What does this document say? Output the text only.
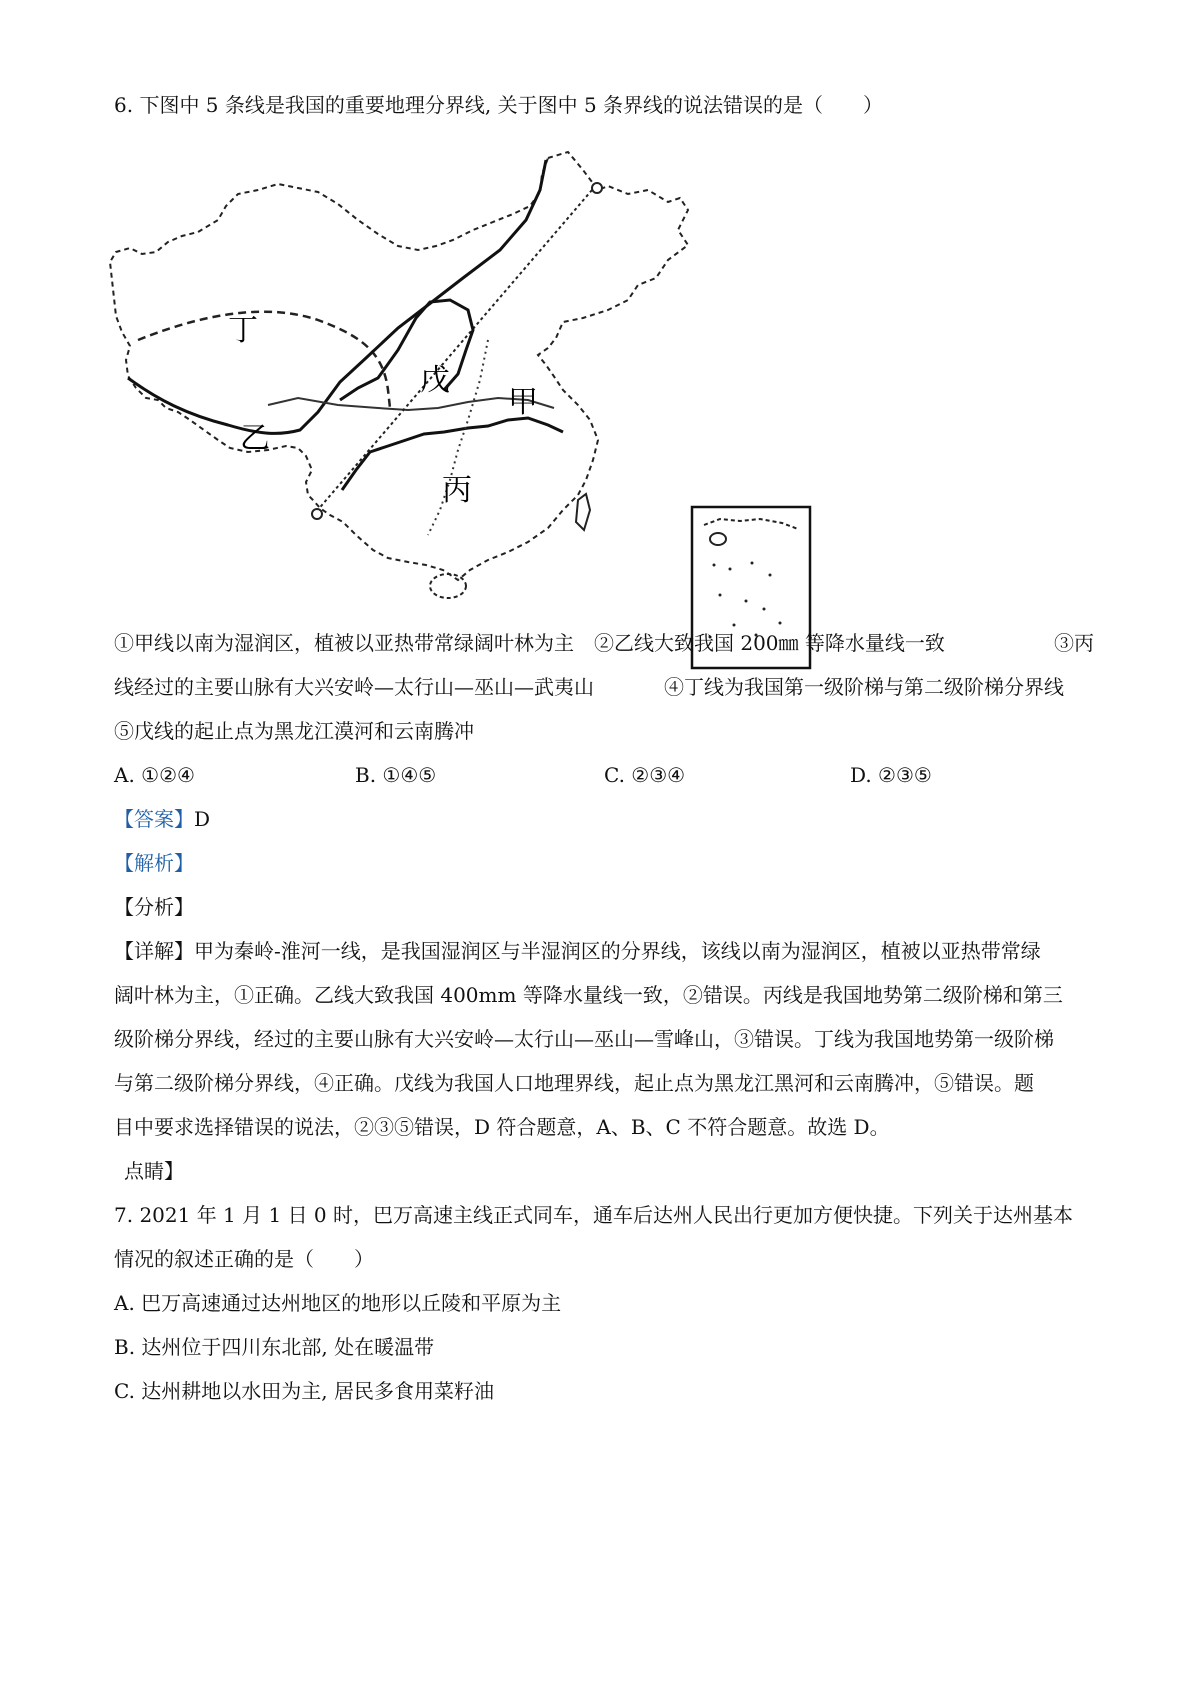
6. 下图中 5 条线是我国的重要地理分界线, 关于图中 5 条界线的说法错误的是（　　）

丁
戊
甲
乙
丙

①甲线以南为湿润区，植被以亚热带常绿阔叶林为主 ②乙线大致我国 200㎜ 等降水量线一致	③丙

线经过的主要山脉有大兴安岭—太行山—巫山—武夷山	④丁线为我国第一级阶梯与第二级阶梯分界线

⑤戊线的起止点为黑龙江漠河和云南腾冲

A. ①②④	B. ①④⑤	C. ②③④	D. ②③⑤

【答案】D

【解析】

【分析】

【详解】甲为秦岭-淮河一线，是我国湿润区与半湿润区的分界线，该线以南为湿润区，植被以亚热带常绿

阔叶林为主，①正确。乙线大致我国 400mm 等降水量线一致，②错误。丙线是我国地势第二级阶梯和第三

级阶梯分界线，经过的主要山脉有大兴安岭—太行山—巫山—雪峰山，③错误。丁线为我国地势第一级阶梯

与第二级阶梯分界线，④正确。戊线为我国人口地理界线，起止点为黑龙江黑河和云南腾冲，⑤错误。题

目中要求选择错误的说法，②③⑤错误，D 符合题意，A、B、C 不符合题意。故选 D。

点睛】

7. 2021 年 1 月 1 日 0 时，巴万高速主线正式同车，通车后达州人民出行更加方便快捷。下列关于达州基本

情况的叙述正确的是（　　）

A. 巴万高速通过达州地区的地形以丘陵和平原为主

B. 达州位于四川东北部, 处在暖温带

C. 达州耕地以水田为主, 居民多食用菜籽油
